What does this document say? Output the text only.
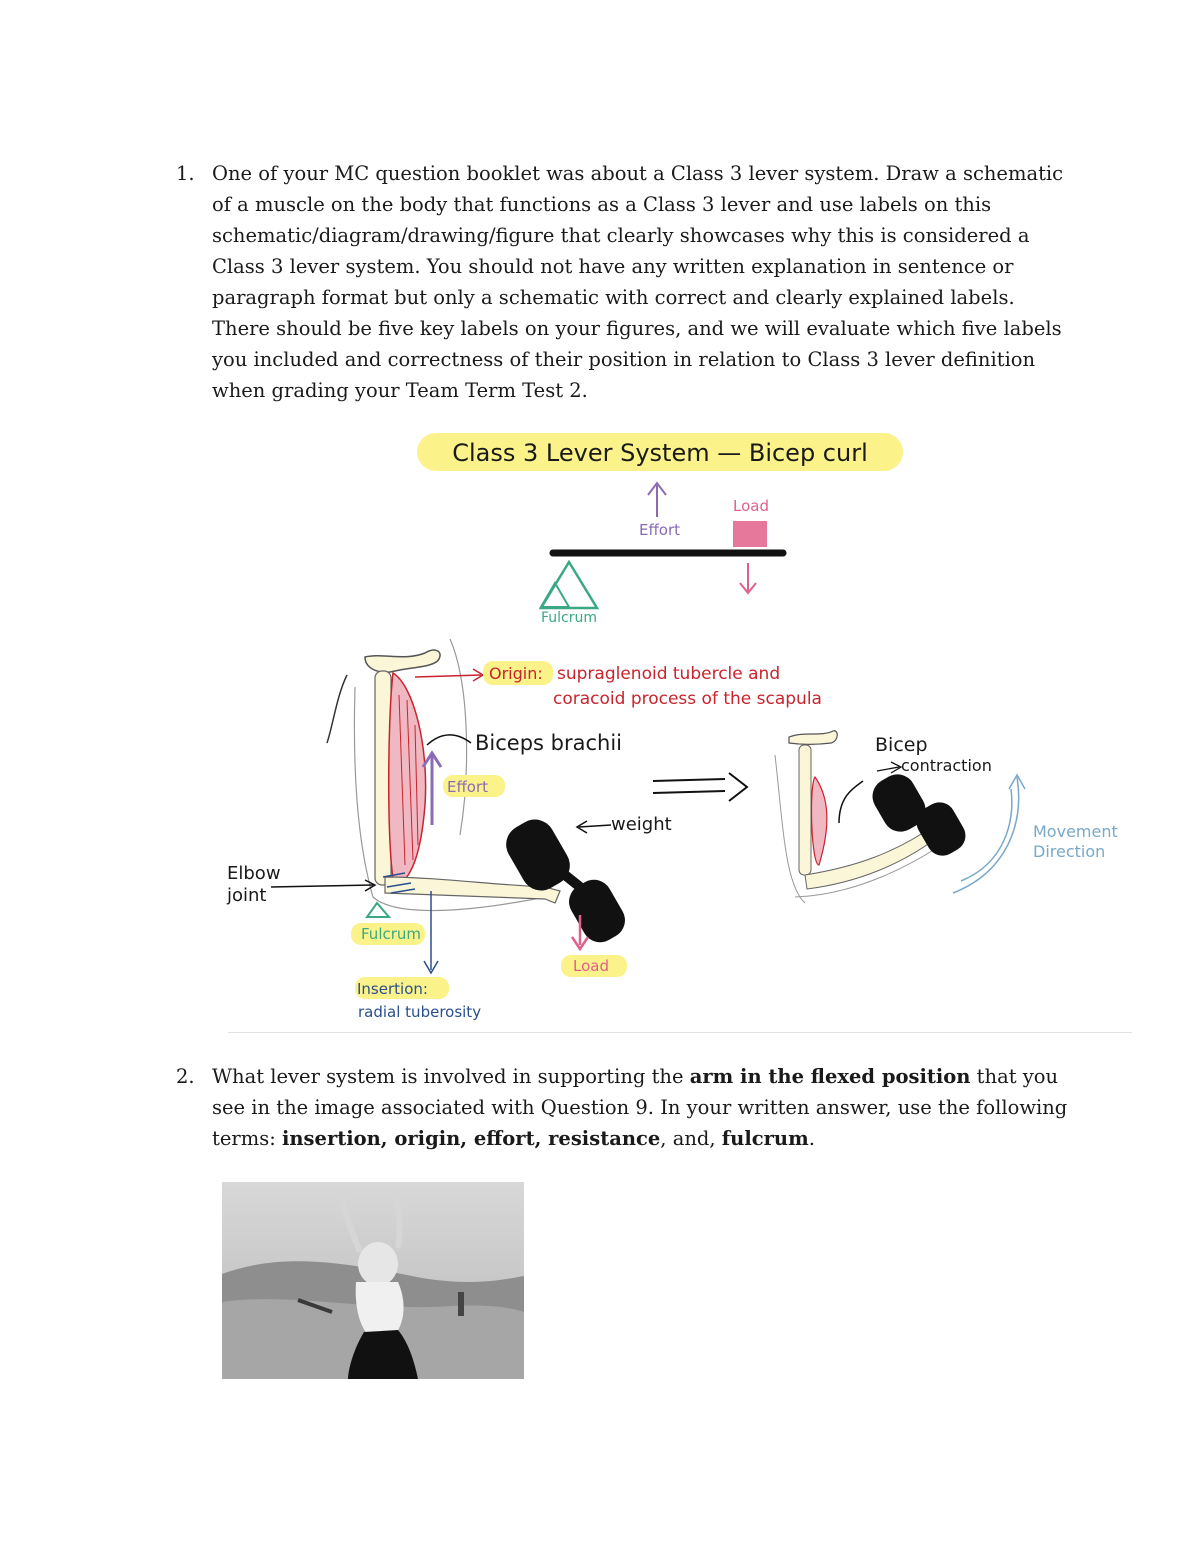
1. One of your MC question booklet was about a Class 3 lever system. Draw a schematic of a muscle on the body that functions as a Class 3 lever and use labels on this schematic/diagram/drawing/figure that clearly showcases why this is considered a Class 3 lever system. You should not have any written explanation in sentence or paragraph format but only a schematic with correct and clearly explained labels. There should be five key labels on your figures, and we will evaluate which five labels you included and correctness of their position in relation to Class 3 lever definition when grading your Team Term Test 2.
Class 3 Lever System — Bicep curl
Fulcrum
Effort
Load
Origin: supraglenoid tubercle and
coracoid process of the scapula
Biceps brachii
Effort
weight
Elbow
joint
Fulcrum
Insertion:
radial tuberosity
Load
Bicep
contraction
Movement
Direction
2. What lever system is involved in supporting the arm in the flexed position that you see in the image associated with Question 9. In your written answer, use the following terms: insertion, origin, effort, resistance, and, fulcrum.
